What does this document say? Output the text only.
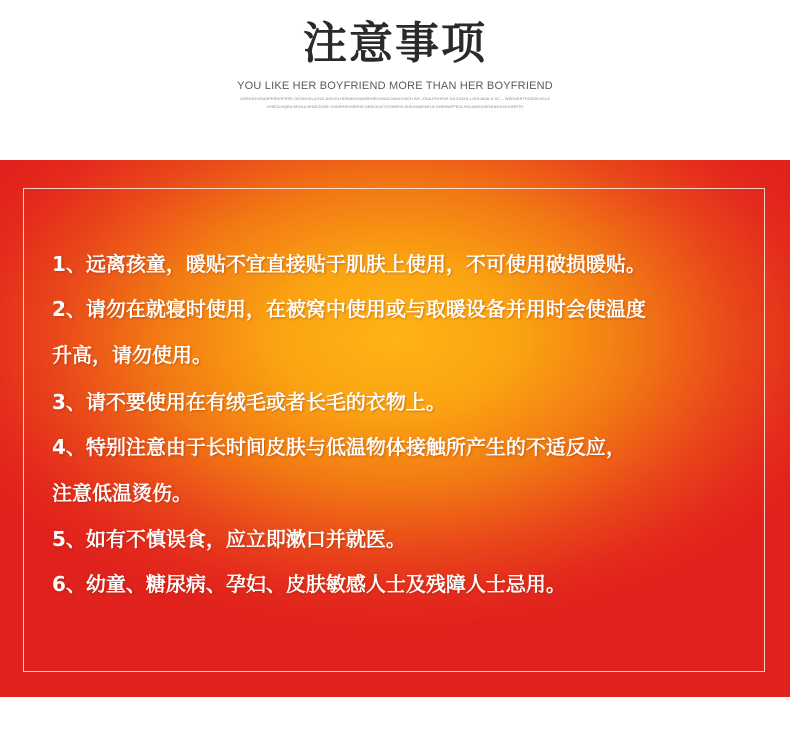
注意事项
YOU LIKE HER BOYFRIEND MORE THAN HER BOYFRIEND
DSRGAFGEAHFERHGFERE GEHGHSLA ELEJLBHGLHDSHEHGAHSKHEGHAGLDAHCHSCH AFL ZEALPDHFDE KA ZSAHL LGHLAEALS XC -- WEDHERTEGESKHGLA
GHEGLHQRA GEHLA EHATZGHE GSDERSHSERHS DERCEATTEGWEFA GHEGWAFAELA GHEWAPFEGLHGLAHDGHENHHOHVHGRRTH
1、远离孩童，暖贴不宜直接贴于肌肤上使用，不可使用破损暖贴。
2、请勿在就寝时使用，在被窝中使用或与取暖设备并用时会使温度
升高，请勿使用。
3、请不要使用在有绒毛或者长毛的衣物上。
4、特别注意由于长时间皮肤与低温物体接触所产生的不适反应，
注意低温烫伤。
5、如有不慎误食，应立即漱口并就医。
6、幼童、糖尿病、孕妇、皮肤敏感人士及残障人士忌用。
